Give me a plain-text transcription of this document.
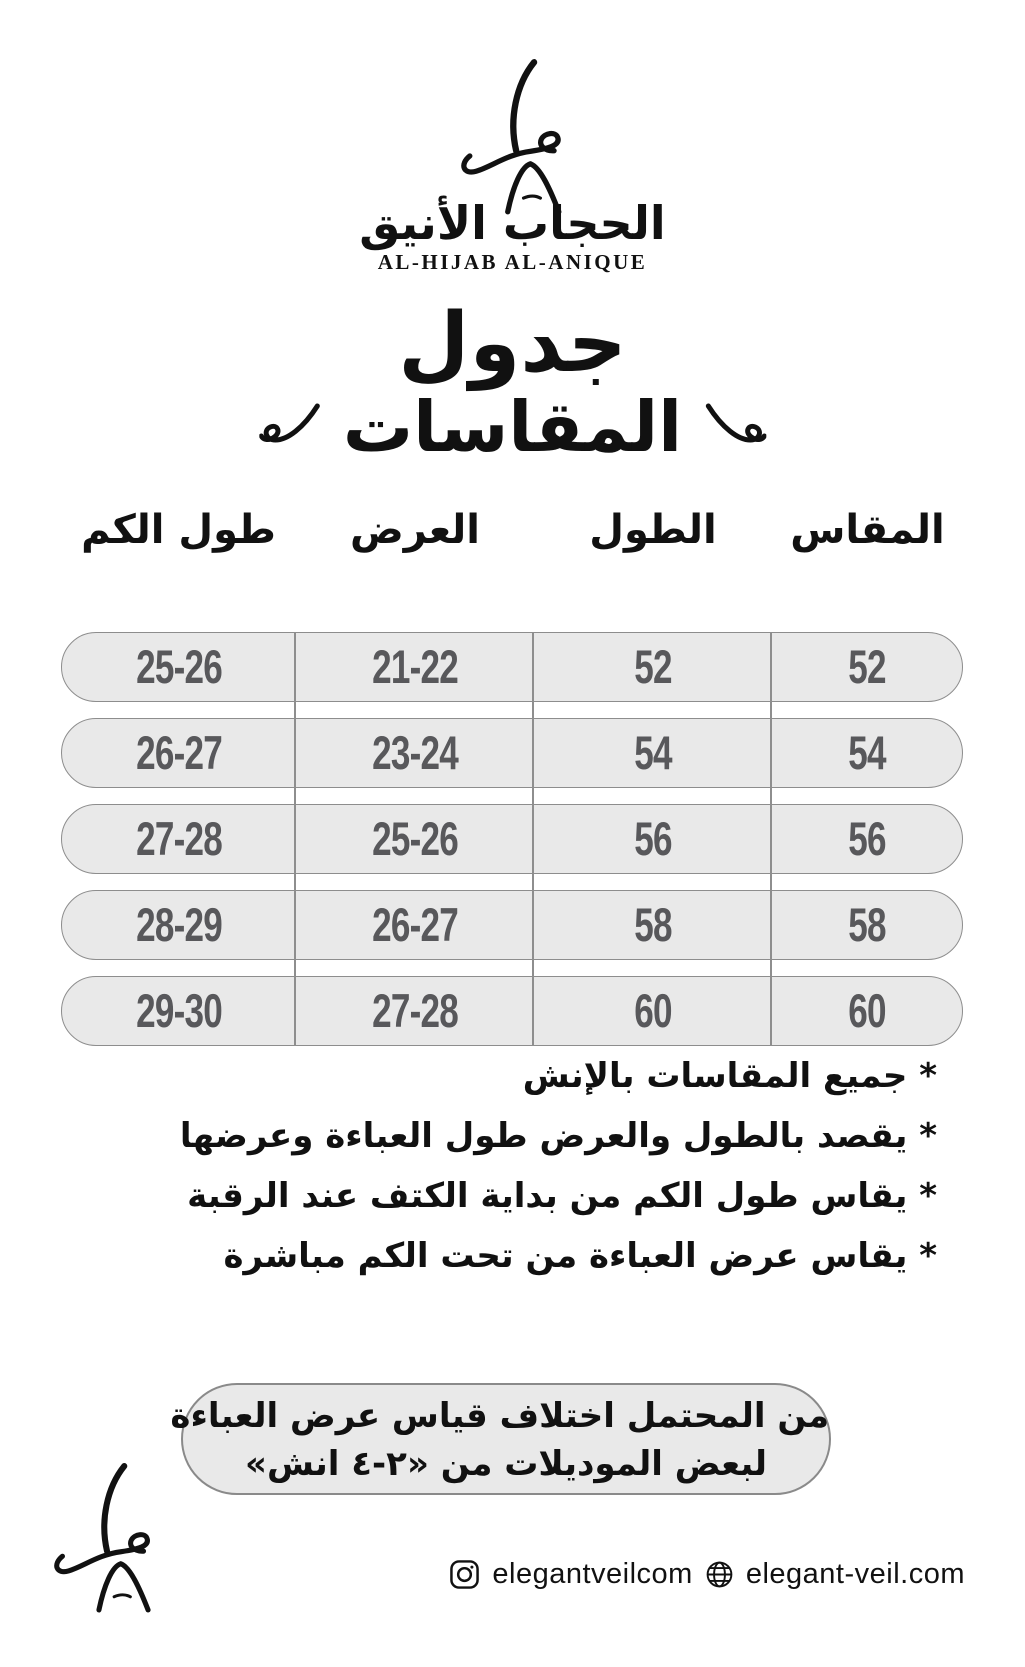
الحجاب الأنيق
AL-HIJAB AL-ANIQUE
جدول
المقاسات
طول الكم	العرض	الطول	المقاس
25-26	21-22	52	52
26-27	23-24	54	54
27-28	25-26	56	56
28-29	26-27	58	58
29-30	27-28	60	60
* جميع المقاسات بالإنش
* يقصد بالطول والعرض طول العباءة وعرضها
* يقاس طول الكم من بداية الكتف عند الرقبة
* يقاس عرض العباءة من تحت الكم مباشرة
من المحتمل اختلاف قياس عرض العباءة
لبعض الموديلات من «٢-٤ انش»
elegantveilcom elegant-veil.com
